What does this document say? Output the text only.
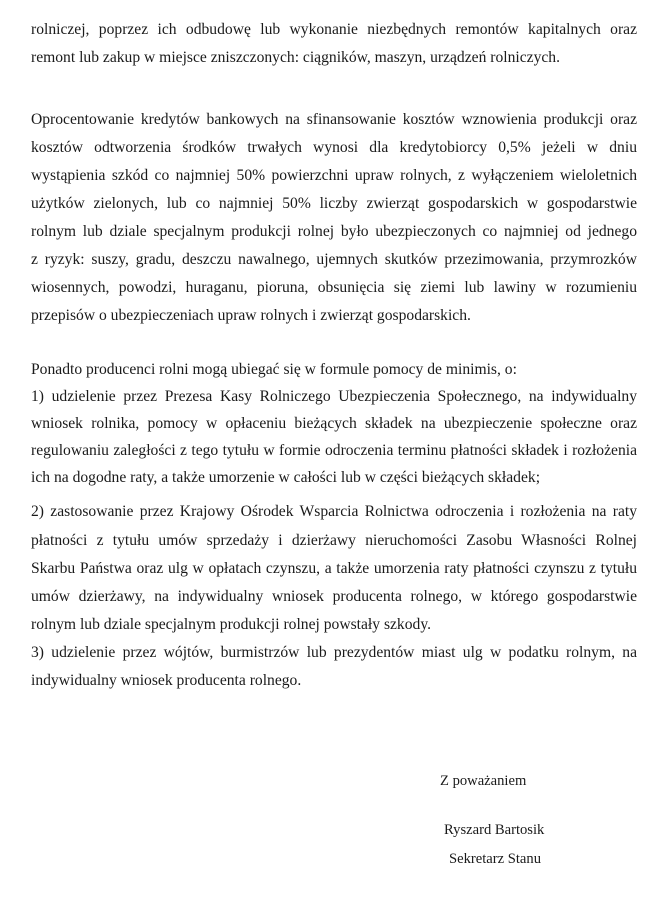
rolniczej, poprzez ich odbudowę lub wykonanie niezbędnych remontów kapitalnych oraz
remont lub zakup w miejsce zniszczonych: ciągników, maszyn, urządzeń rolniczych.
Oprocentowanie kredytów bankowych na sfinansowanie kosztów wznowienia produkcji oraz
kosztów odtworzenia środków trwałych wynosi dla kredytobiorcy 0,5% jeżeli w dniu
wystąpienia szkód co najmniej 50% powierzchni upraw rolnych, z wyłączeniem wieloletnich
użytków zielonych, lub co najmniej 50% liczby zwierząt gospodarskich w gospodarstwie
rolnym lub dziale specjalnym produkcji rolnej było ubezpieczonych co najmniej od jednego
z ryzyk: suszy, gradu, deszczu nawalnego, ujemnych skutków przezimowania, przymrozków
wiosennych, powodzi, huraganu, pioruna, obsunięcia się ziemi lub lawiny w rozumieniu
przepisów o ubezpieczeniach upraw rolnych i zwierząt gospodarskich.
Ponadto producenci rolni mogą ubiegać się w formule pomocy de minimis, o:
1) udzielenie przez Prezesa Kasy Rolniczego Ubezpieczenia Społecznego, na indywidualny
wniosek rolnika, pomocy w opłaceniu bieżących składek na ubezpieczenie społeczne oraz
regulowaniu zaległości z tego tytułu w formie odroczenia terminu płatności składek i rozłożenia
ich na dogodne raty, a także umorzenie w całości lub w części bieżących składek;
2) zastosowanie przez Krajowy Ośrodek Wsparcia Rolnictwa odroczenia i rozłożenia na raty
płatności z tytułu umów sprzedaży i dzierżawy nieruchomości Zasobu Własności Rolnej
Skarbu Państwa oraz ulg w opłatach czynszu, a także umorzenia raty płatności czynszu z tytułu
umów dzierżawy, na indywidualny wniosek producenta rolnego, w którego gospodarstwie
rolnym lub dziale specjalnym produkcji rolnej powstały szkody.
3) udzielenie przez wójtów, burmistrzów lub prezydentów miast ulg w podatku rolnym, na
indywidualny wniosek producenta rolnego.
Z poważaniem
Ryszard Bartosik
Sekretarz Stanu
